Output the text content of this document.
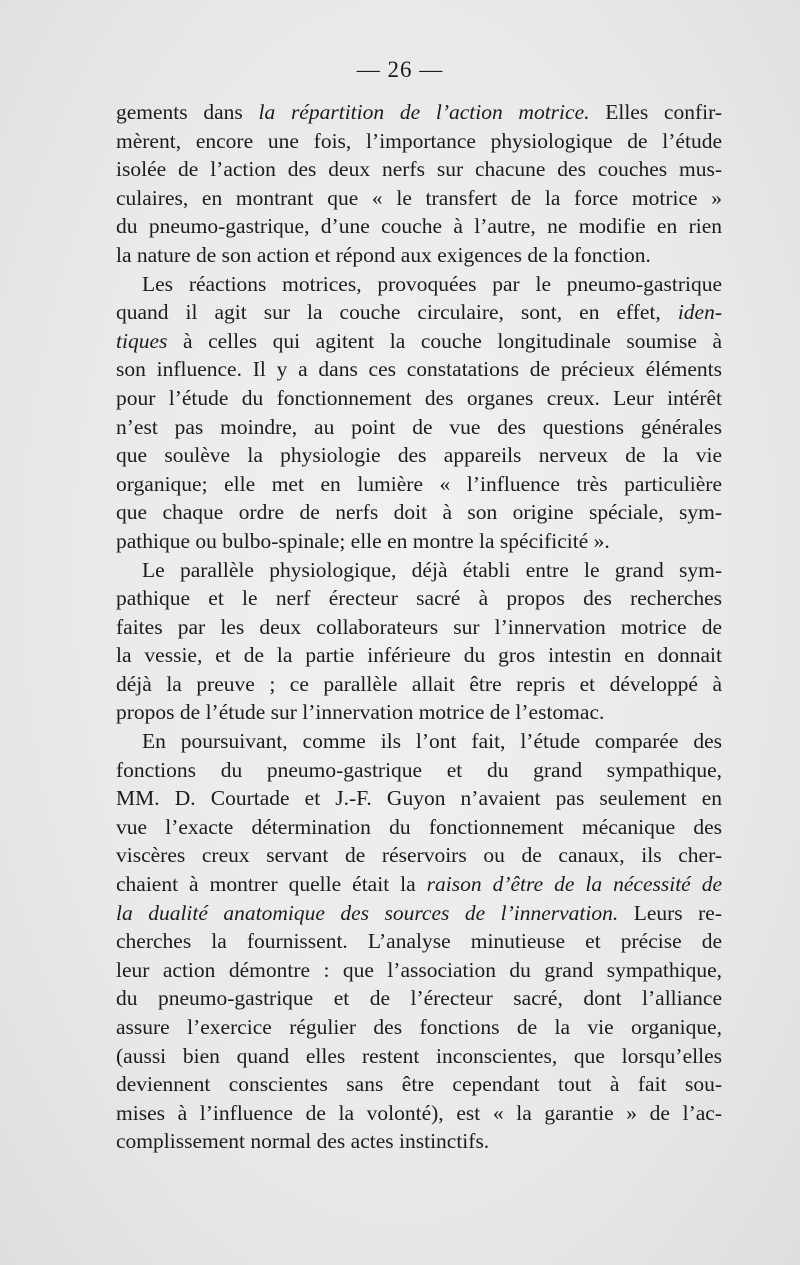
— 26 —
gements dans la répartition de l’action motrice. Elles confir-
mèrent, encore une fois, l’importance physiologique de l’étude
isolée de l’action des deux nerfs sur chacune des couches mus-
culaires, en montrant que « le transfert de la force motrice »
du pneumo-gastrique, d’une couche à l’autre, ne modifie en rien
la nature de son action et répond aux exigences de la fonction.
Les réactions motrices, provoquées par le pneumo-gastrique
quand il agit sur la couche circulaire, sont, en effet, iden-
tiques à celles qui agitent la couche longitudinale soumise à
son influence. Il y a dans ces constatations de précieux éléments
pour l’étude du fonctionnement des organes creux. Leur intérêt
n’est pas moindre, au point de vue des questions générales
que soulève la physiologie des appareils nerveux de la vie
organique; elle met en lumière « l’influence très particulière
que chaque ordre de nerfs doit à son origine spéciale, sym-
pathique ou bulbo-spinale; elle en montre la spécificité ».
Le parallèle physiologique, déjà établi entre le grand sym-
pathique et le nerf érecteur sacré à propos des recherches
faites par les deux collaborateurs sur l’innervation motrice de
la vessie, et de la partie inférieure du gros intestin en donnait
déjà la preuve ; ce parallèle allait être repris et développé à
propos de l’étude sur l’innervation motrice de l’estomac.
En poursuivant, comme ils l’ont fait, l’étude comparée des
fonctions du pneumo-gastrique et du grand sympathique,
MM. D. Courtade et J.-F. Guyon n’avaient pas seulement en
vue l’exacte détermination du fonctionnement mécanique des
viscères creux servant de réservoirs ou de canaux, ils cher-
chaient à montrer quelle était la raison d’être de la nécessité de
la dualité anatomique des sources de l’innervation. Leurs re-
cherches la fournissent. L’analyse minutieuse et précise de
leur action démontre : que l’association du grand sympathique,
du pneumo-gastrique et de l’érecteur sacré, dont l’alliance
assure l’exercice régulier des fonctions de la vie organique,
(aussi bien quand elles restent inconscientes, que lorsqu’elles
deviennent conscientes sans être cependant tout à fait sou-
mises à l’influence de la volonté), est « la garantie » de l’ac-
complissement normal des actes instinctifs.
